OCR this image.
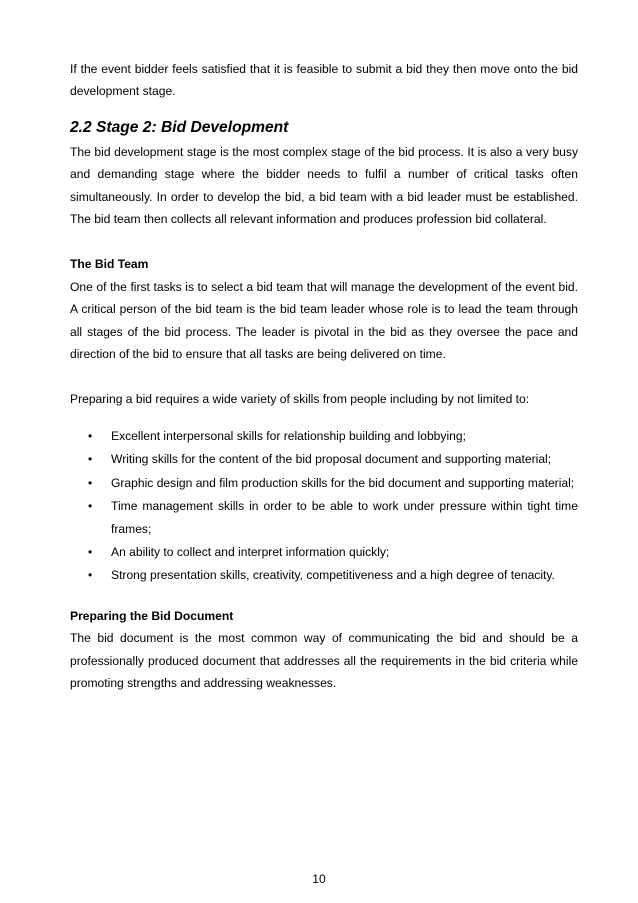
If the event bidder feels satisfied that it is feasible to submit a bid they then move onto the bid development stage.

2.2 Stage 2: Bid Development

The bid development stage is the most complex stage of the bid process. It is also a very busy and demanding stage where the bidder needs to fulfil a number of critical tasks often simultaneously. In order to develop the bid, a bid team with a bid leader must be established. The bid team then collects all relevant information and produces profession bid collateral.

The Bid Team

One of the first tasks is to select a bid team that will manage the development of the event bid. A critical person of the bid team is the bid team leader whose role is to lead the team through all stages of the bid process. The leader is pivotal in the bid as they oversee the pace and direction of the bid to ensure that all tasks are being delivered on time.

Preparing a bid requires a wide variety of skills from people including by not limited to:

• Excellent interpersonal skills for relationship building and lobbying;
• Writing skills for the content of the bid proposal document and supporting material;
• Graphic design and film production skills for the bid document and supporting material;
• Time management skills in order to be able to work under pressure within tight time frames;
• An ability to collect and interpret information quickly;
• Strong presentation skills, creativity, competitiveness and a high degree of tenacity.
Preparing the Bid Document

The bid document is the most common way of communicating the bid and should be a professionally produced document that addresses all the requirements in the bid criteria while promoting strengths and addressing weaknesses.

10
